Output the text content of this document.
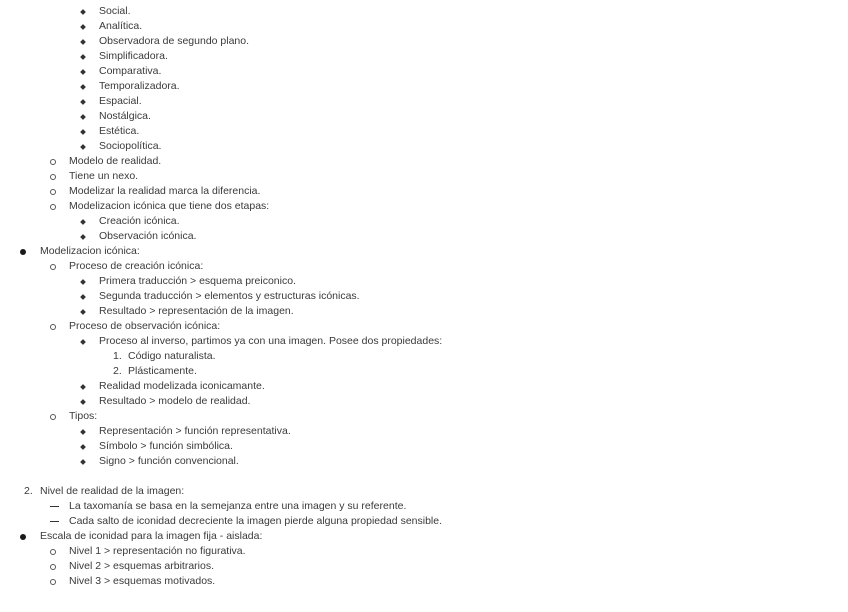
Social.
Analítica.
Observadora de segundo plano.
Simplificadora.
Comparativa.
Temporalizadora.
Espacial.
Nostálgica.
Estética.
Sociopolítica.
Modelo de realidad.
Tiene un nexo.
Modelizar la realidad marca la diferencia.
Modelizacion icónica que tiene dos etapas:
Creación icónica.
Observación icónica.
Modelizacion icónica:
Proceso de creación icónica:
Primera traducción > esquema preiconico.
Segunda traducción > elementos y estructuras icónicas.
Resultado > representación de la imagen.
Proceso de observación icónica:
Proceso al inverso, partimos ya con una imagen. Posee dos propiedades:
1. Código naturalista.
2. Plásticamente.
Realidad modelizada iconicamante.
Resultado > modelo de realidad.
Tipos:
Representación > función representativa.
Símbolo > función simbólica.
Signo > función convencional.
2. Nivel de realidad de la imagen:
La taxomanía se basa en la semejanza entre una imagen y su referente.
Cada salto de iconidad decreciente la imagen pierde alguna propiedad sensible.
Escala de iconidad para la imagen fija - aislada:
Nivel 1 > representación no figurativa.
Nivel 2 > esquemas arbitrarios.
Nivel 3 > esquemas motivados.
